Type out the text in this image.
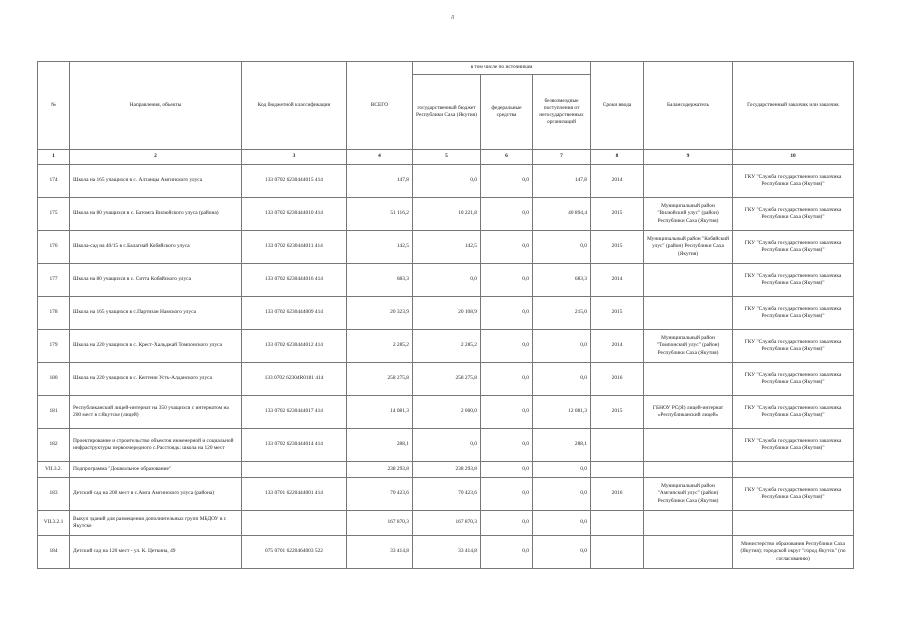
д
№	Направления, объекты	Код бюджетной классификации	ВСЕГО	в том числе по источникам			Сроки ввода	Балансодержатель	Государственный заказчик или заказчик
				государственный бюджет Республики Саха (Якутия)	федеральные средства	безвозмездные поступления от негосударственных организаций			
1	2	3	4	5	6	7	8	9	10
174	Школа на 165 учащихся в с. Алтанцы Амгинского улуса	133 0702 6230444015 414	147,8	0,0	0,0	147,8	2014		ГКУ "Служба государственного заказчика Республики Саха (Якутия)"
175	Школа на 80 учащихся в с. Батомга Вилюйского улуса (района)	133 0702 6230444010 414	51 116,2	10 221,8	0,0	40 894,4	2015	Муниципальный район "Вилюйский улус" (район) Республики Саха (Якутия)	ГКУ "Служба государственного заказчика Республики Саха (Якутия)"
176	Школа-сад на 40/15 в с.Балагнай Кобяйского улуса	133 0702 6230444011 414	142,5	142,5	0,0	0,0	2015	Муниципальный район "Кобяйский улус" (район) Республики Саха (Якутия)	ГКУ "Служба государственного заказчика Республики Саха (Якутия)"
177	Школа на 80 учащихся в с. Ситта Кобяйского улуса	133 0702 6230444016 414	683,3	0,0	0,0	683,3	2014		ГКУ "Служба государственного заказчика Республики Саха (Якутия)"
178	Школа на 165 учащихся в с.Партизан Намского улуса	133 0702 6230444009 414	20 323,9	20 108,9	0,0	215,0	2015		ГКУ "Служба государственного заказчика Республики Саха (Якутия)"
179	Школа на 220 учащихся в с. Крест-Хальджай Томпонского улуса	133 0702 6230444012 414	2 285,2	2 285,2	0,0	0,0	2014	Муниципальный район "Томпонский улус" (район) Республики Саха (Якутия)	ГКУ "Служба государственного заказчика Республики Саха (Якутия)"
180	Школа на 220 учащихся в с. Кептени Усть-Алданского улуса	133 0702 62304R0181 414	258 275,8	258 275,8	0,0	0,0	2016		ГКУ "Служба государственного заказчика Республики Саха (Якутия)"
181	Республиканский лицей-интернат на 350 учащихся с интернатом на 200 мест в г.Якутске (лицей)	133 0702 6230444017 414	14 081,3	2 000,0	0,0	12 081,3	2015	ГБНОУ РС(Я) лицей-интернат «Республиканский лицей»	ГКУ "Служба государственного заказчика Республики Саха (Якутия)"
182	Проектирование и строительство объектов инженерной и социальной инфраструктуры первоочередного с.Расстоядь: школа на 120 мест	133 0702 6230444014 414	288,1	0,0	0,0	288,1			ГКУ "Служба государственного заказчика Республики Саха (Якутия)"
VII.3.2.	Подпрограмма "Дошкольное образование"		238 293,8	238 293,8	0,0	0,0			
183	Детский сад на 200 мест в с.Амга Амгинского улуса (района)	133 0701 6220444001 414	70 423,6	70 423,6	0,0	0,0	2016	Муниципальный район "Амгинский улус" (район) Республики Саха (Якутия)	ГКУ "Служба государственного заказчика Республики Саха (Якутия)"
VII.3.2.1	Выкуп зданий для размещения дополнительных групп МБДОУ в г. Якутске		167 870,3	167 870,3	0,0	0,0			
184	Детский сад на 120 мест - ул. К. Цеткина, 49	075 0701 6220464003 522	33 414,8	33 414,8	0,0	0,0			Министерство образования Республики Саха (Якутия); городской округ "город Якутск" (по согласованию)
